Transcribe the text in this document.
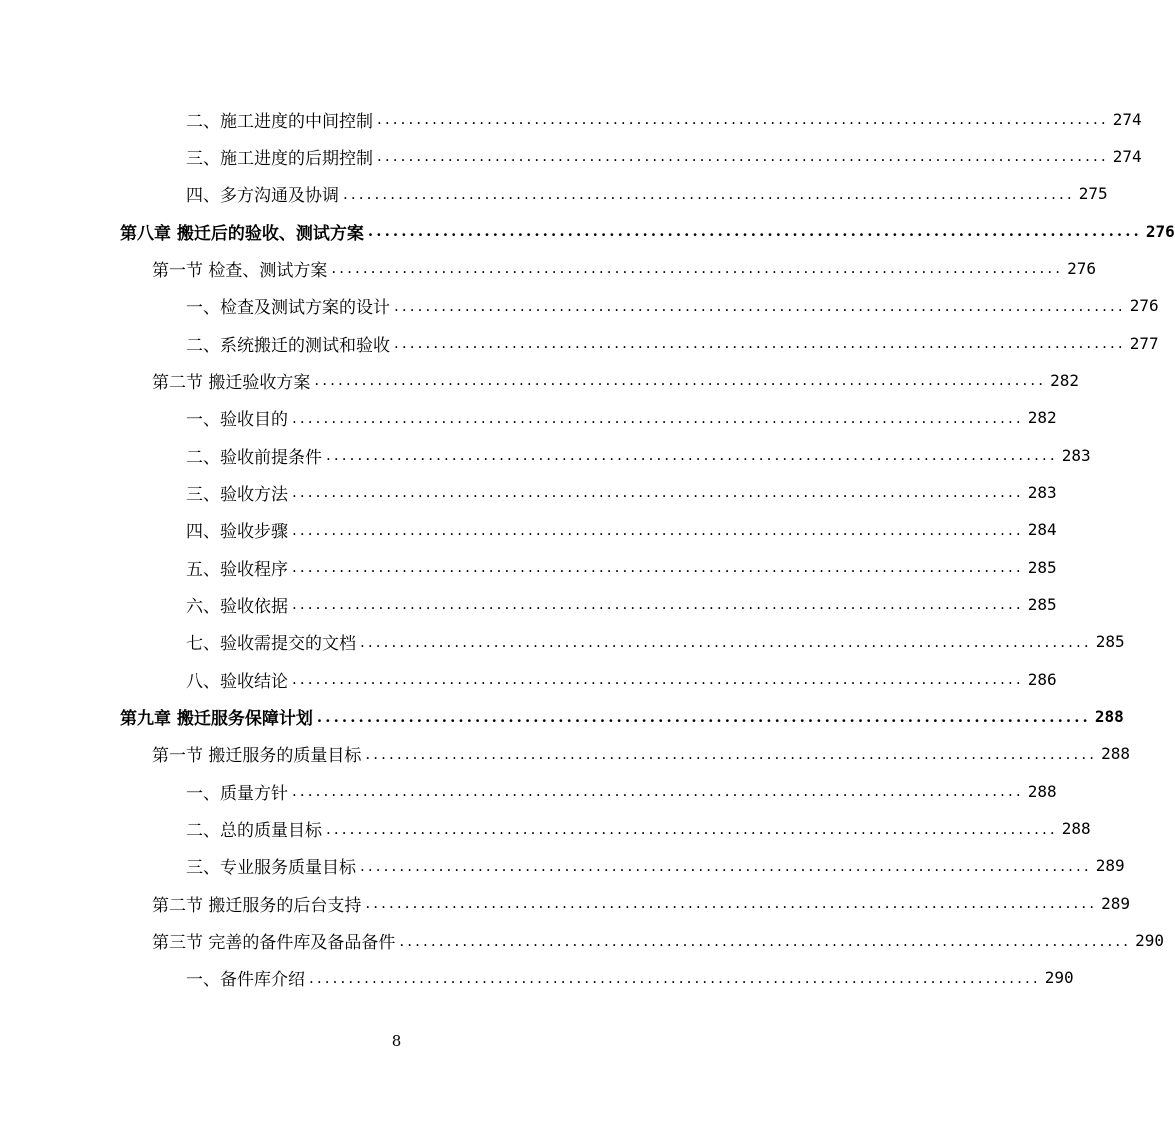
二、施工进度的中间控制 ............................................................................................. 274
三、施工进度的后期控制 ............................................................................................. 274
四、多方沟通及协调 ............................................................................................. 275
第八章 搬迁后的验收、测试方案 ............................................................................................. 276
第一节 检查、测试方案 ............................................................................................. 276
一、检查及测试方案的设计 ............................................................................................. 276
二、系统搬迁的测试和验收 ............................................................................................. 277
第二节 搬迁验收方案 ............................................................................................. 282
一、验收目的 ............................................................................................. 282
二、验收前提条件 ............................................................................................. 283
三、验收方法 ............................................................................................. 283
四、验收步骤 ............................................................................................. 284
五、验收程序 ............................................................................................. 285
六、验收依据 ............................................................................................. 285
七、验收需提交的文档 ............................................................................................. 285
八、验收结论 ............................................................................................. 286
第九章 搬迁服务保障计划 ............................................................................................. 288
第一节 搬迁服务的质量目标 ............................................................................................. 288
一、质量方针 ............................................................................................. 288
二、总的质量目标 ............................................................................................. 288
三、专业服务质量目标 ............................................................................................. 289
第二节 搬迁服务的后台支持 ............................................................................................. 289
第三节 完善的备件库及备品备件 ............................................................................................. 290
一、备件库介绍 ............................................................................................. 290
8
